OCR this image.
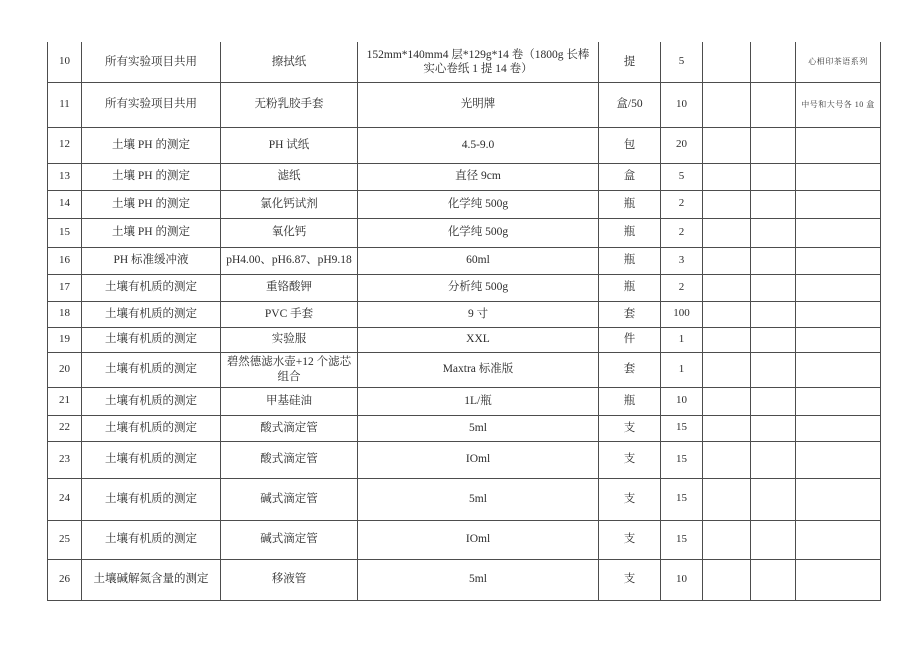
10	所有实验项目共用	擦拭纸	152mm*140mm4 层*129g*14 卷（1800g 长棒实心卷纸 1 提 14 卷）	提	5			心相印茶语系列
11	所有实验项目共用	无粉乳胶手套	光明牌	盒/50	10			中号和大号各 10 盒
12	土壤 PH 的测定	PH 试纸	4.5-9.0	包	20			
13	土壤 PH 的测定	滤纸	直径 9cm	盒	5			
14	土壤 PH 的测定	氯化钙试剂	化学纯 500g	瓶	2			
15	土壤 PH 的测定	氧化钙	化学纯 500g	瓶	2			
16	PH 标准缓冲液	pH4.00、pH6.87、pH9.18	60ml	瓶	3			
17	土壤有机质的测定	重铬酸钾	分析纯 500g	瓶	2			
18	土壤有机质的测定	PVC 手套	9 寸	套	100			
19	土壤有机质的测定	实验服	XXL	件	1			
20	土壤有机质的测定	碧然德滤水壶+12 个滤芯组合	Maxtra 标准版	套	1			
21	土壤有机质的测定	甲基硅油	1L/瓶	瓶	10			
22	土壤有机质的测定	酸式滴定管	5ml	支	15			
23	土壤有机质的测定	酸式滴定管	IOml	支	15			
24	土壤有机质的测定	碱式滴定管	5ml	支	15			
25	土壤有机质的测定	碱式滴定管	IOml	支	15			
26	土壤碱解氮含量的测定	移液管	5ml	支	10			
